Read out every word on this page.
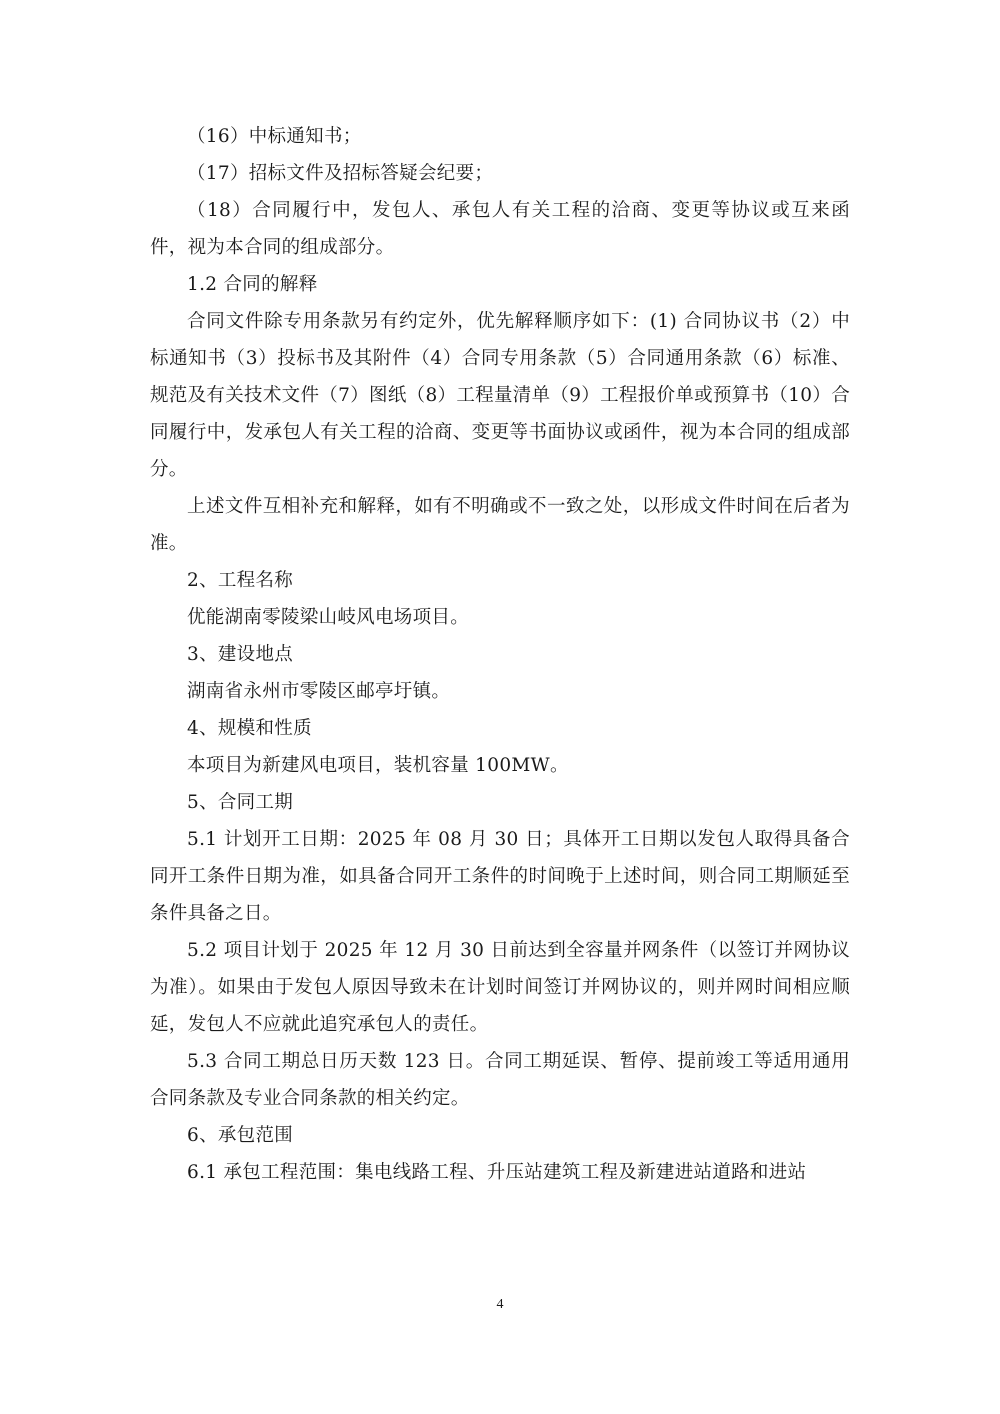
（16）中标通知书；

（17）招标文件及招标答疑会纪要；

（18）合同履行中，发包人、承包人有关工程的洽商、变更等协议或互来函件，视为本合同的组成部分。

1.2 合同的解释

合同文件除专用条款另有约定外，优先解释顺序如下：(1) 合同协议书（2）中标通知书（3）投标书及其附件（4）合同专用条款（5）合同通用条款（6）标准、规范及有关技术文件（7）图纸（8）工程量清单（9）工程报价单或预算书（10）合同履行中，发承包人有关工程的洽商、变更等书面协议或函件，视为本合同的组成部分。

上述文件互相补充和解释，如有不明确或不一致之处，以形成文件时间在后者为准。

2、工程名称

优能湖南零陵梁山岐风电场项目。

3、建设地点

湖南省永州市零陵区邮亭圩镇。

4、规模和性质

本项目为新建风电项目，装机容量 100MW。

5、合同工期

5.1 计划开工日期：2025 年 08 月 30 日；具体开工日期以发包人取得具备合同开工条件日期为准，如具备合同开工条件的时间晚于上述时间，则合同工期顺延至条件具备之日。

5.2 项目计划于 2025 年 12 月 30 日前达到全容量并网条件（以签订并网协议为准）。如果由于发包人原因导致未在计划时间签订并网协议的，则并网时间相应顺延，发包人不应就此追究承包人的责任。

5.3 合同工期总日历天数 123 日。合同工期延误、暂停、提前竣工等适用通用合同条款及专业合同条款的相关约定。

6、承包范围

6.1 承包工程范围：集电线路工程、升压站建筑工程及新建进站道路和进站

4
